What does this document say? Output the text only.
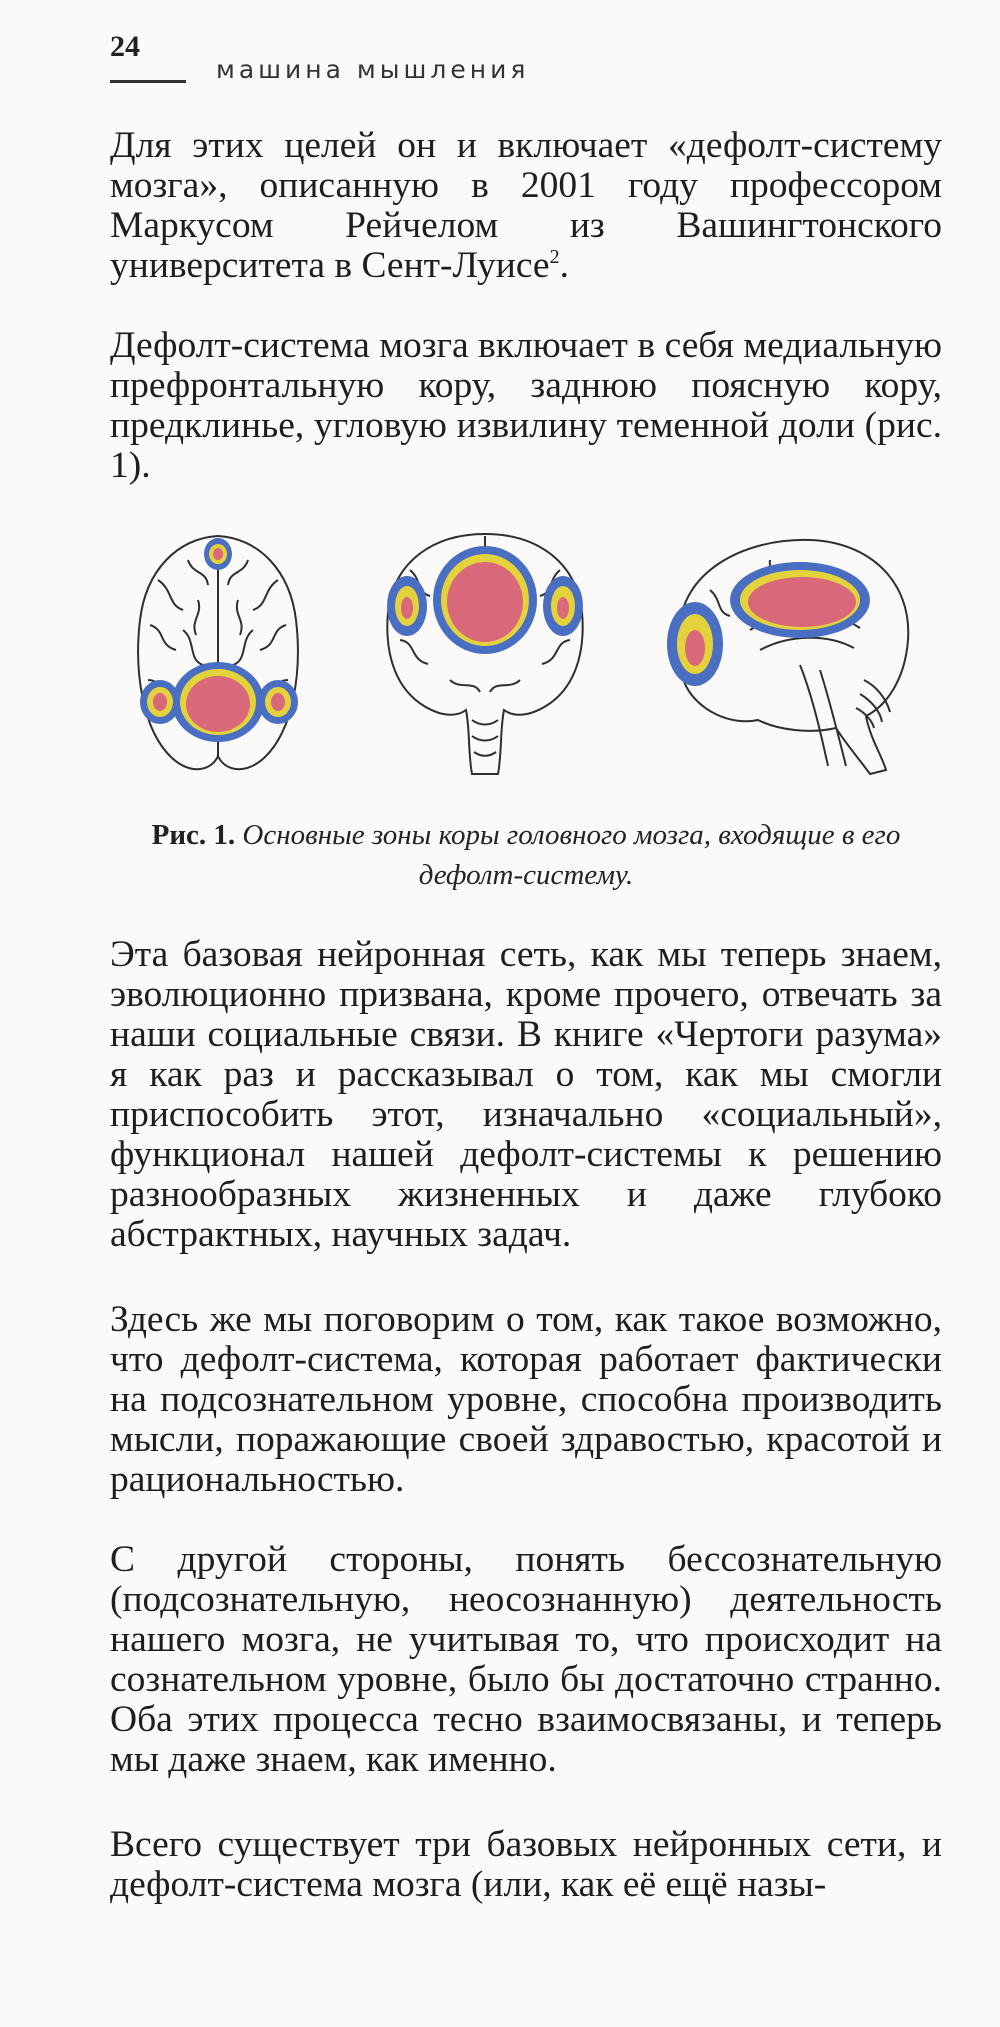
24
машина мышления

Для этих целей он и включает «дефолт-систему мозга», описанную в 2001 году профессором Маркусом Рейчелом из Вашингтонского университета в Сент-Луисе$^2$.

Дефолт-система мозга включает в себя медиальную префронтальную кору, заднюю поясную кору, предклинье, угловую извилину теменной доли (рис. 1).

Рис. 1. Основные зоны коры головного мозга, входящие в его дефолт-систему.

Эта базовая нейронная сеть, как мы теперь знаем, эволюционно призвана, кроме прочего, отвечать за наши социальные связи. В книге «Чертоги разума» я как раз и рассказывал о том, как мы смогли приспособить этот, изначально «социальный», функционал нашей дефолт-системы к решению разнообразных жизненных и даже глубоко абстрактных, научных задач.

Здесь же мы поговорим о том, как такое возможно, что дефолт-система, которая работает фактически на подсознательном уровне, способна производить мысли, поражающие своей здравостью, красотой и рациональностью.

С другой стороны, понять бессознательную (подсознательную, неосознанную) деятельность нашего мозга, не учитывая то, что происходит на сознательном уровне, было бы достаточно странно. Оба этих процесса тесно взаимосвязаны, и теперь мы даже знаем, как именно.

Всего существует три базовых нейронных сети, и дефолт-система мозга (или, как её ещё назы-
